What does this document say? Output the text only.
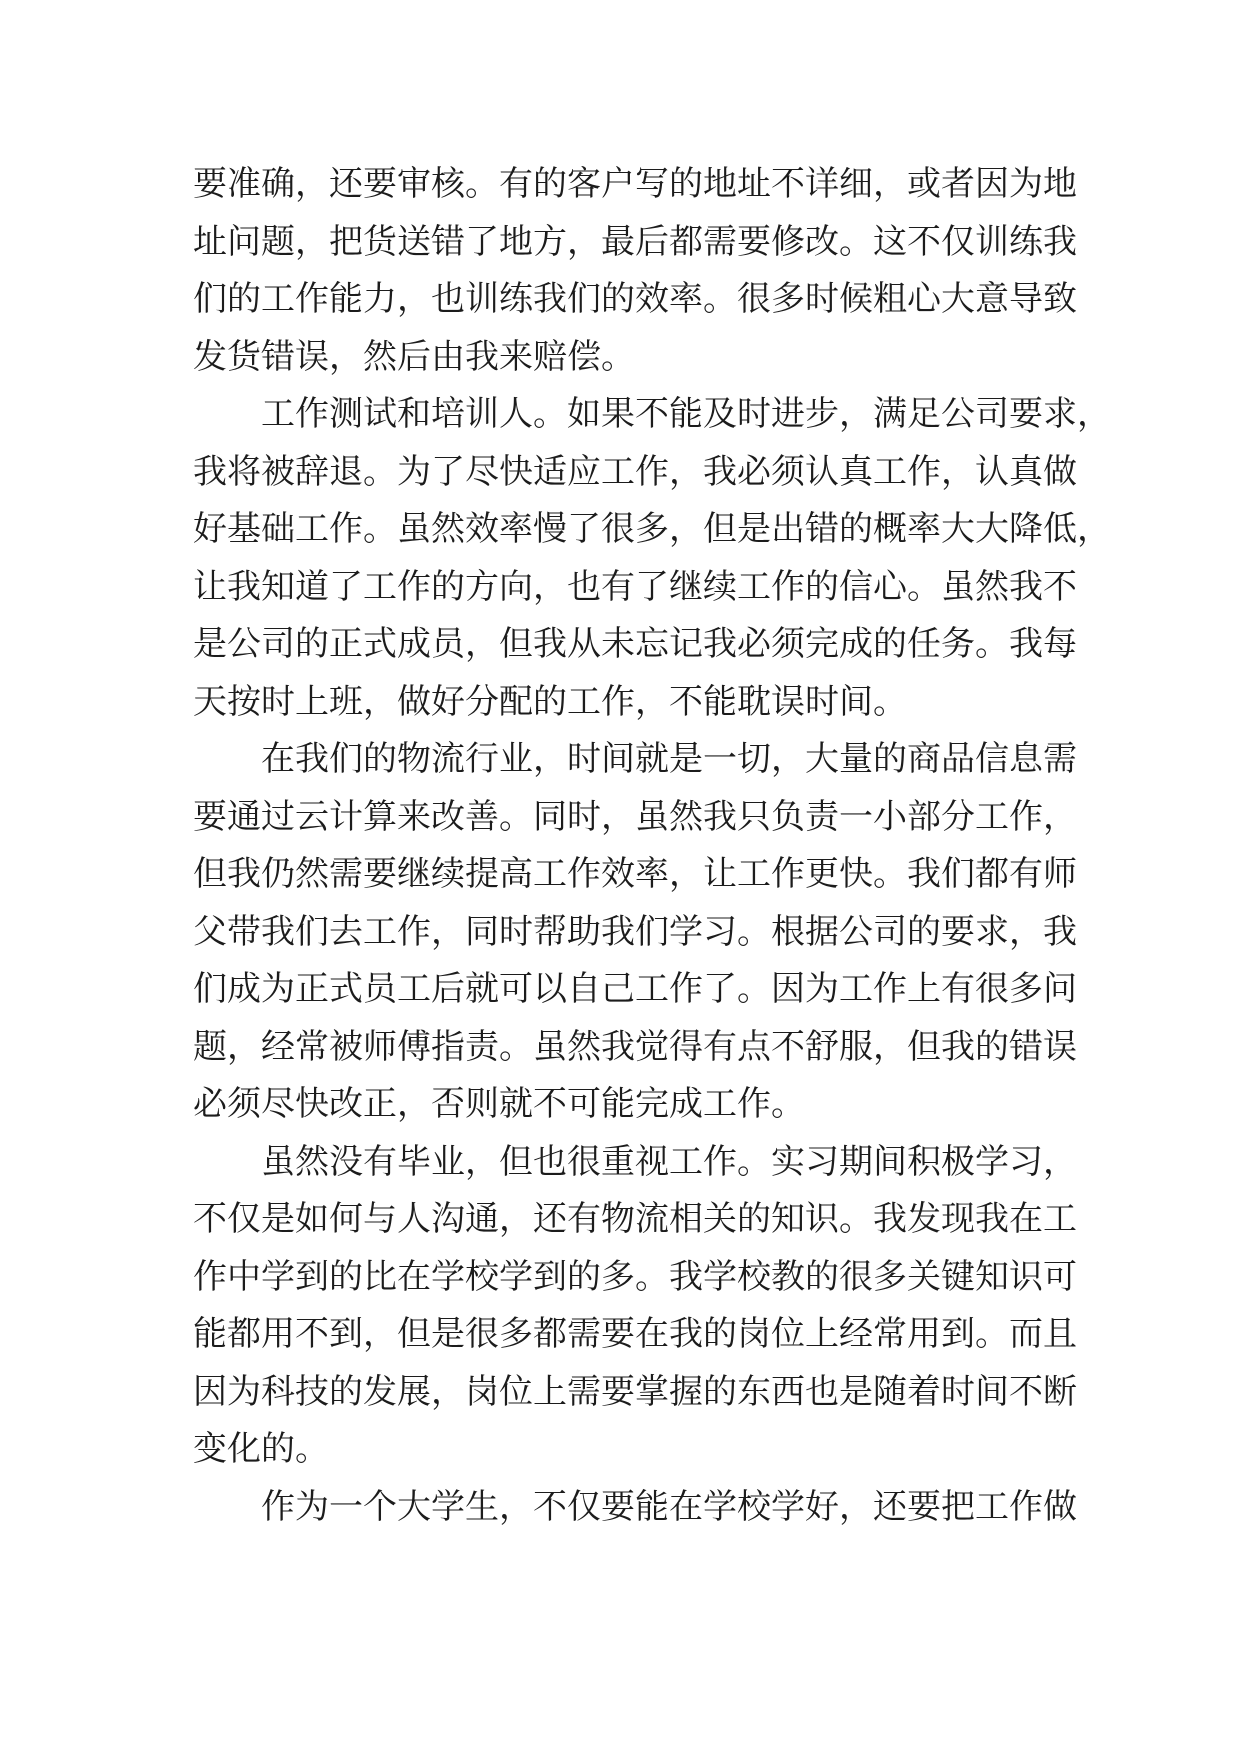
要准确，还要审核。有的客户写的地址不详细，或者因为地
址问题，把货送错了地方，最后都需要修改。这不仅训练我
们的工作能力，也训练我们的效率。很多时候粗心大意导致
发货错误，然后由我来赔偿。
工作测试和培训人。如果不能及时进步，满足公司要求，
我将被辞退。为了尽快适应工作，我必须认真工作，认真做
好基础工作。虽然效率慢了很多，但是出错的概率大大降低，
让我知道了工作的方向，也有了继续工作的信心。虽然我不
是公司的正式成员，但我从未忘记我必须完成的任务。我每
天按时上班，做好分配的工作，不能耽误时间。
在我们的物流行业，时间就是一切，大量的商品信息需
要通过云计算来改善。同时，虽然我只负责一小部分工作，
但我仍然需要继续提高工作效率，让工作更快。我们都有师
父带我们去工作，同时帮助我们学习。根据公司的要求，我
们成为正式员工后就可以自己工作了。因为工作上有很多问
题，经常被师傅指责。虽然我觉得有点不舒服，但我的错误
必须尽快改正，否则就不可能完成工作。
虽然没有毕业，但也很重视工作。实习期间积极学习，
不仅是如何与人沟通，还有物流相关的知识。我发现我在工
作中学到的比在学校学到的多。我学校教的很多关键知识可
能都用不到，但是很多都需要在我的岗位上经常用到。而且
因为科技的发展，岗位上需要掌握的东西也是随着时间不断
变化的。
作为一个大学生，不仅要能在学校学好，还要把工作做
